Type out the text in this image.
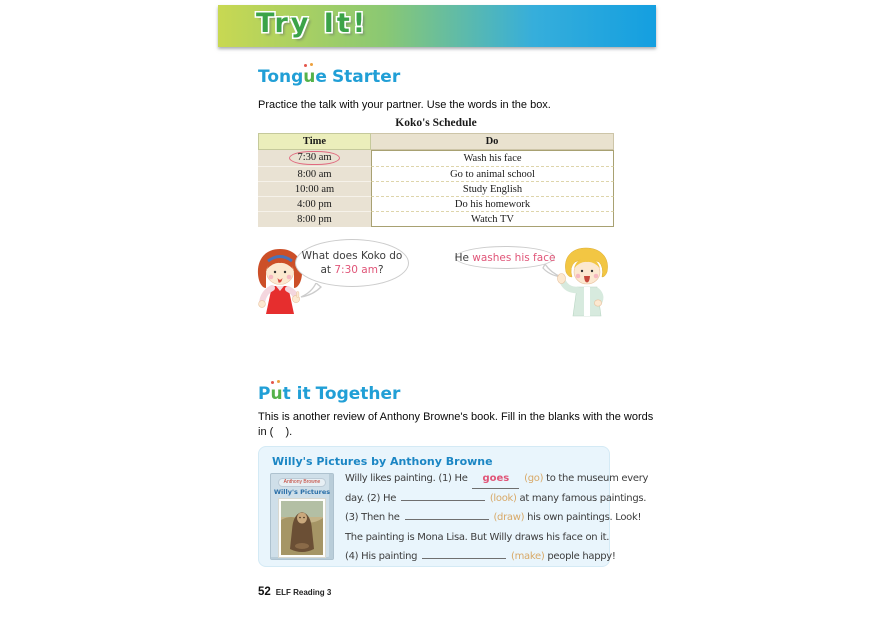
Try It!
Tongue Starter
Practice the talk with your partner. Use the words in the box.
Koko's Schedule
Time	Do
7:30 am	Wash his face
8:00 am	Go to animal school
10:00 am	Study English
4:00 pm	Do his homework
8:00 pm	Watch TV
What does Koko do
at 7:30 am?
He washes his face
Put it Together
This is another review of Anthony Browne's book. Fill in the blanks with the words
in (    ).
Willy's Pictures by Anthony Browne
Anthony Browne
Willy's Pictures
Willy likes painting. (1) He goes (go) to the museum every
day. (2) He	(look) at many famous paintings.
(3) Then he	(draw) his own paintings. Look!
The painting is Mona Lisa. But Willy draws his face on it.
(4) His painting	(make) people happy!
52 ELF Reading 3
